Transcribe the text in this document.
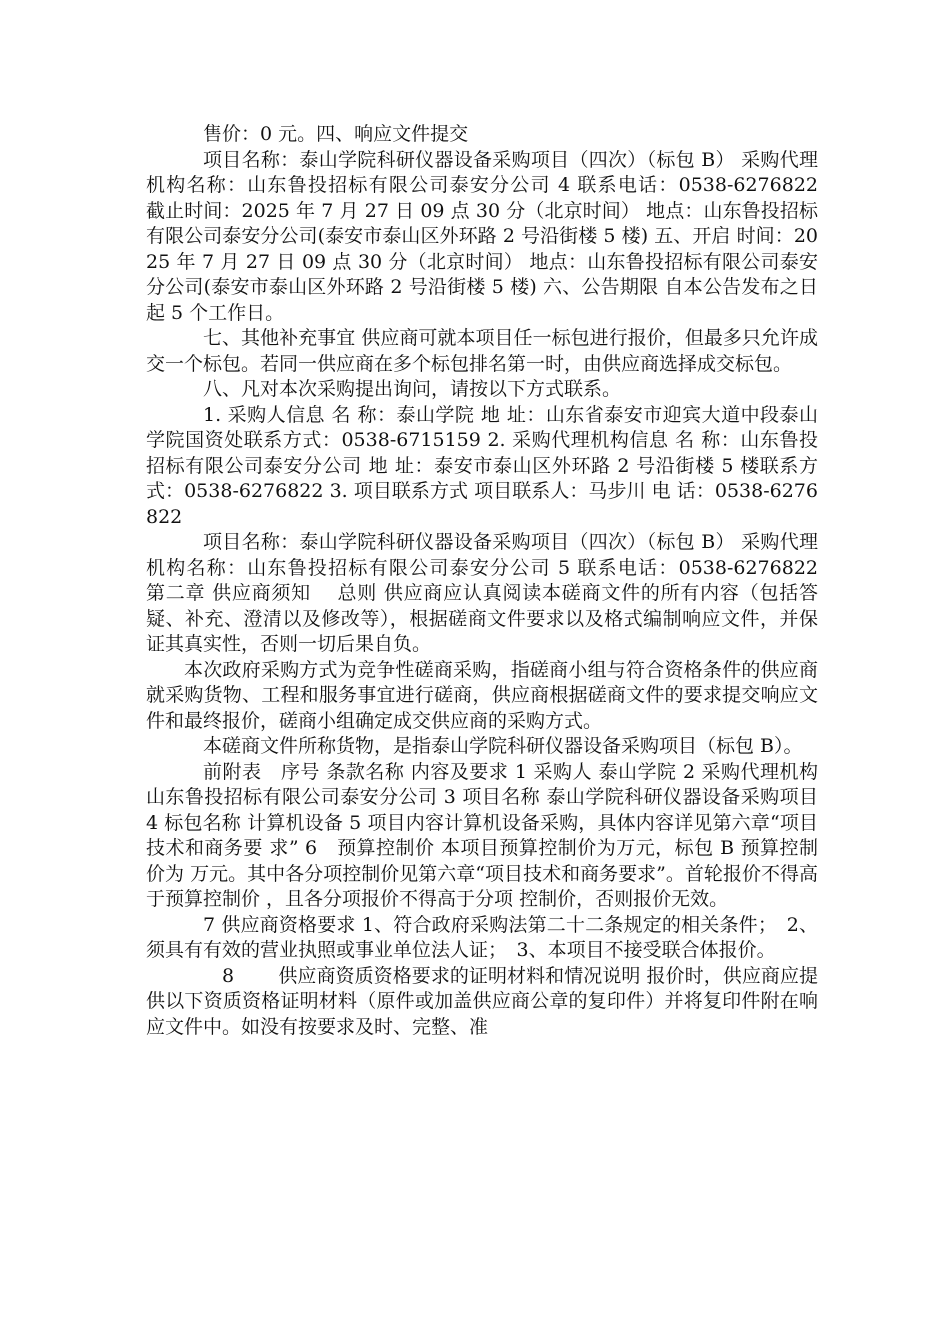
售价：0 元。四、响应文件提交

项目名称：泰山学院科研仪器设备采购项目（四次）（标包 B） 采购代理机构名称：山东鲁投招标有限公司泰安分公司 4 联系电话：0538-6276822　 截止时间：2025 年 7 月 27 日 09 点 30 分（北京时间） 地点：山东鲁投招标有限公司泰安分公司(泰安市泰山区外环路 2 号沿街楼 5 楼) 五、开启 时间：2025 年 7 月 27 日 09 点 30 分（北京时间） 地点：山东鲁投招标有限公司泰安分公司(泰安市泰山区外环路 2 号沿街楼 5 楼) 六、公告期限 自本公告发布之日起 5 个工作日。

七、其他补充事宜 供应商可就本项目任一标包进行报价，但最多只允许成交一个标包。若同一供应商在多个标包排名第一时，由供应商选择成交标包。

八、凡对本次采购提出询问，请按以下方式联系。

1. 采购人信息 名 称：泰山学院 地 址：山东省泰安市迎宾大道中段泰山学院国资处联系方式：0538-6715159 2. 采购代理机构信息 名 称：山东鲁投招标有限公司泰安分公司 地 址：泰安市泰山区外环路 2 号沿街楼 5 楼联系方式：0538-6276822 3. 项目联系方式 项目联系人：马步川 电 话：0538-6276822

项目名称：泰山学院科研仪器设备采购项目（四次）（标包 B） 采购代理机构名称：山东鲁投招标有限公司泰安分公司 5 联系电话：0538-6276822　 第二章 供应商须知　 总则 供应商应认真阅读本磋商文件的所有内容（包括答疑、补充、澄清以及修改等），根据磋商文件要求以及格式编制响应文件，并保证其真实性，否则一切后果自负。

本次政府采购方式为竞争性磋商采购，指磋商小组与符合资格条件的供应商就采购货物、工程和服务事宜进行磋商，供应商根据磋商文件的要求提交响应文件和最终报价，磋商小组确定成交供应商的采购方式。

本磋商文件所称货物，是指泰山学院科研仪器设备采购项目（标包 B）。

前附表　序号 条款名称 内容及要求 1 采购人 泰山学院 2 采购代理机构 山东鲁投招标有限公司泰安分公司 3 项目名称 泰山学院科研仪器设备采购项目 4 标包名称 计算机设备 5 项目内容计算机设备采购，具体内容详见第六章“项目技术和商务要 求” 6　预算控制价 本项目预算控制价为万元，标包 B 预算控制价为 万元。其中各分项控制价见第六章“项目技术和商务要求”。首轮报价不得高于预算控制价 ，且各分项报价不得高于分项 控制价，否则报价无效。

7 供应商资格要求 1、符合政府采购法第二十二条规定的相关条件；　2、须具有有效的营业执照或事业单位法人证；　3、本项目不接受联合体报价。

8　　 供应商资质资格要求的证明材料和情况说明 报价时，供应商应提供以下资质资格证明材料（原件或加盖供应商公章的复印件）并将复印件附在响应文件中。如没有按要求及时、完整、准
